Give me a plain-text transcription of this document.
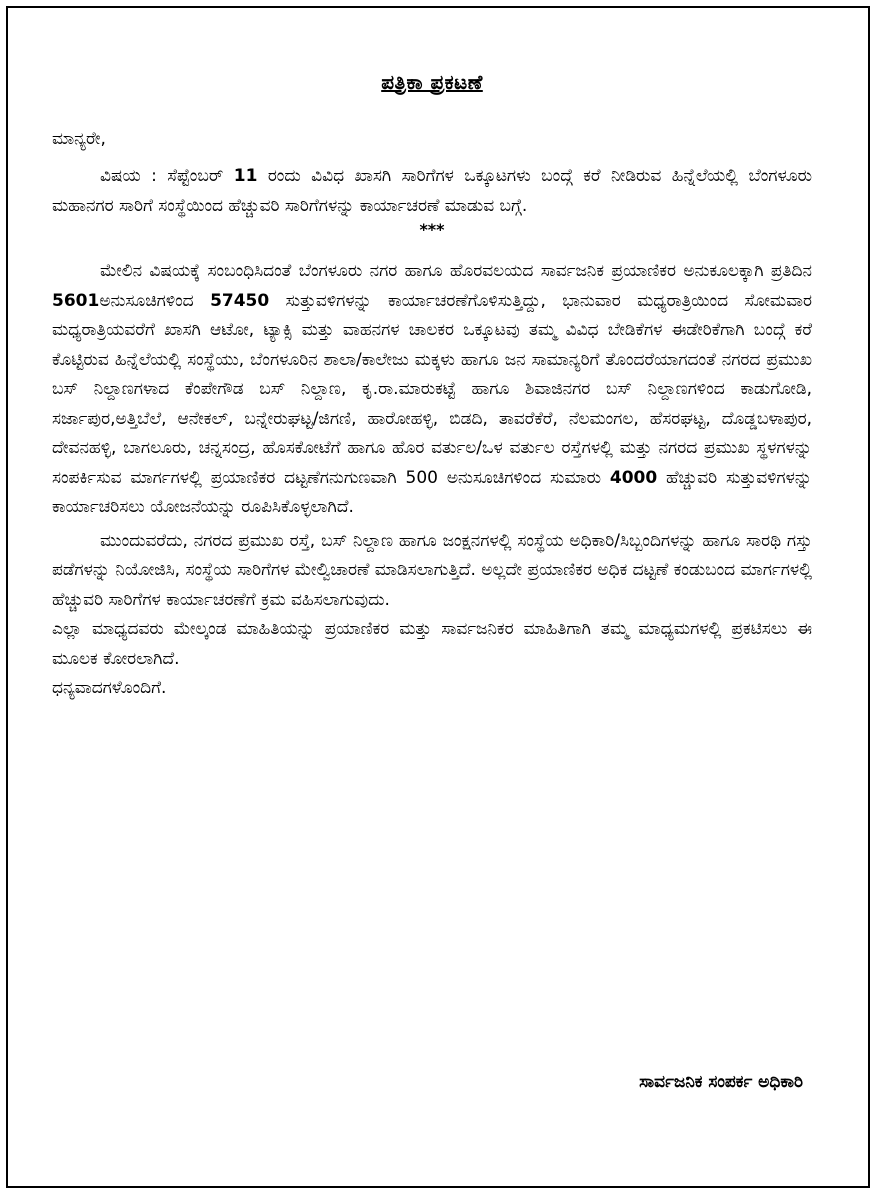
ಪತ್ರಿಕಾ ಪ್ರಕಟಣೆ
ಮಾನ್ಯರೇ,

ವಿಷಯ : ಸೆಪ್ಟೆಂಬರ್ 11 ರಂದು ವಿವಿಧ ಖಾಸಗಿ ಸಾರಿಗೆಗಳ ಒಕ್ಕೂಟಗಳು ಬಂದ್ಗೆ ಕರೆ ನೀಡಿರುವ ಹಿನ್ನೆಲೆಯಲ್ಲಿ ಬೆಂಗಳೂರು ಮಹಾನಗರ ಸಾರಿಗೆ ಸಂಸ್ಥೆಯಿಂದ ಹೆಚ್ಚುವರಿ ಸಾರಿಗೆಗಳನ್ನು ಕಾರ್ಯಾಚರಣೆ ಮಾಡುವ ಬಗ್ಗೆ.

***

ಮೇಲಿನ ವಿಷಯಕ್ಕೆ ಸಂಬಂಧಿಸಿದಂತೆ ಬೆಂಗಳೂರು ನಗರ ಹಾಗೂ ಹೊರವಲಯದ ಸಾರ್ವಜನಿಕ ಪ್ರಯಾಣಿಕರ ಅನುಕೂಲಕ್ಕಾಗಿ ಪ್ರತಿದಿನ 5601ಅನುಸೂಚಿಗಳಿಂದ 57450 ಸುತ್ತುವಳಿಗಳನ್ನು ಕಾರ್ಯಾಚರಣೆಗೊಳಿಸುತ್ತಿದ್ದು, ಭಾನುವಾರ ಮಧ್ಯರಾತ್ರಿಯಿಂದ ಸೋಮವಾರ ಮಧ್ಯರಾತ್ರಿಯವರೆಗೆ ಖಾಸಗಿ ಆಟೋ, ಟ್ಯಾಕ್ಸಿ ಮತ್ತು ವಾಹನಗಳ ಚಾಲಕರ ಒಕ್ಕೂಟವು ತಮ್ಮ ವಿವಿಧ ಬೇಡಿಕೆಗಳ ಈಡೇರಿಕೆಗಾಗಿ ಬಂದ್ಗೆ ಕರೆ ಕೊಟ್ಟಿರುವ ಹಿನ್ನೆಲೆಯಲ್ಲಿ ಸಂಸ್ಥೆಯು, ಬೆಂಗಳೂರಿನ ಶಾಲಾ/ಕಾಲೇಜು ಮಕ್ಕಳು ಹಾಗೂ ಜನ ಸಾಮಾನ್ಯರಿಗೆ ತೊಂದರೆಯಾಗದಂತೆ ನಗರದ ಪ್ರಮುಖ ಬಸ್ ನಿಲ್ದಾಣಗಳಾದ ಕೆಂಪೇಗೌಡ ಬಸ್ ನಿಲ್ದಾಣ, ಕೃ.ರಾ.ಮಾರುಕಟ್ಟೆ ಹಾಗೂ ಶಿವಾಜಿನಗರ ಬಸ್ ನಿಲ್ದಾಣಗಳಿಂದ ಕಾಡುಗೋಡಿ, ಸರ್ಜಾಪುರ,ಅತ್ತಿಬೆಲೆ, ಆನೇಕಲ್, ಬನ್ನೇರುಘಟ್ಟ/ಜಿಗಣಿ, ಹಾರೋಹಳ್ಳಿ, ಬಿಡದಿ, ತಾವರೆಕೆರೆ, ನೆಲಮಂಗಲ, ಹೆಸರಘಟ್ಟ, ದೊಡ್ಡಬಳಾಪುರ, ದೇವನಹಳ್ಳಿ, ಬಾಗಲೂರು, ಚನ್ನಸಂದ್ರ, ಹೊಸಕೋಟೆಗೆ ಹಾಗೂ ಹೊರ ವರ್ತುಲ/ಒಳ ವರ್ತುಲ ರಸ್ತೆಗಳಲ್ಲಿ ಮತ್ತು ನಗರದ ಪ್ರಮುಖ ಸ್ಥಳಗಳನ್ನು ಸಂಪರ್ಕಿಸುವ ಮಾರ್ಗಗಳಲ್ಲಿ ಪ್ರಯಾಣಿಕರ ದಟ್ಟಣೆಗನುಗುಣವಾಗಿ 500 ಅನುಸೂಚಿಗಳಿಂದ ಸುಮಾರು 4000 ಹೆಚ್ಚುವರಿ ಸುತ್ತುವಳಿಗಳನ್ನು ಕಾರ್ಯಾಚರಿಸಲು ಯೋಜನೆಯನ್ನು ರೂಪಿಸಿಕೊಳ್ಳಲಾಗಿದೆ.

ಮುಂದುವರೆದು, ನಗರದ ಪ್ರಮುಖ ರಸ್ತೆ, ಬಸ್ ನಿಲ್ದಾಣ ಹಾಗೂ ಜಂಕ್ಷನಗಳಲ್ಲಿ ಸಂಸ್ಥೆಯ ಅಧಿಕಾರಿ/ಸಿಬ್ಬಂದಿಗಳನ್ನು ಹಾಗೂ ಸಾರಥಿ ಗಸ್ತು ಪಡೆಗಳನ್ನು ನಿಯೋಜಿಸಿ, ಸಂಸ್ಥೆಯ ಸಾರಿಗೆಗಳ ಮೇಲ್ವಿಚಾರಣೆ ಮಾಡಿಸಲಾಗುತ್ತಿದೆ. ಅಲ್ಲದೇ ಪ್ರಯಾಣಿಕರ ಅಧಿಕ ದಟ್ಟಣೆ ಕಂಡುಬಂದ ಮಾರ್ಗಗಳಲ್ಲಿ ಹೆಚ್ಚುವರಿ ಸಾರಿಗೆಗಳ ಕಾರ್ಯಾಚರಣೆಗೆ ಕ್ರಮ ವಹಿಸಲಾಗುವುದು.

ಎಲ್ಲಾ ಮಾಧ್ಯದವರು ಮೇಲ್ಕಂಡ ಮಾಹಿತಿಯನ್ನು ಪ್ರಯಾಣಿಕರ ಮತ್ತು ಸಾರ್ವಜನಿಕರ ಮಾಹಿತಿಗಾಗಿ ತಮ್ಮ ಮಾಧ್ಯಮಗಳಲ್ಲಿ ಪ್ರಕಟಿಸಲು ಈ ಮೂಲಕ ಕೋರಲಾಗಿದೆ.

ಧನ್ಯವಾದಗಳೊಂದಿಗೆ.

ಸಾರ್ವಜನಿಕ ಸಂಪರ್ಕ ಅಧಿಕಾರಿ
